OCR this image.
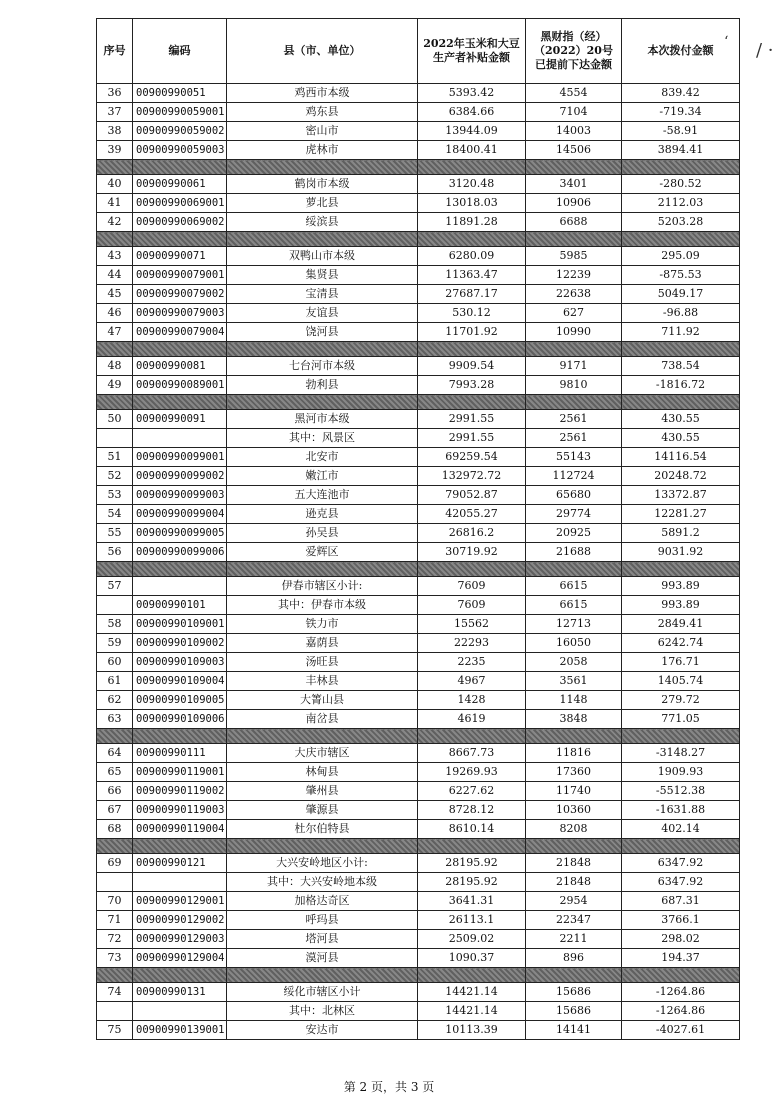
‘ / ·
序号	编码	县（市、单位）	2022年玉米和大豆生产者补贴金额	黑财指（经）（2022）20号已提前下达金额	本次拨付金额
36	00900990051	鸡西市本级	5393.42	4554	839.42
37	00900990059001	鸡东县	6384.66	7104	-719.34
38	00900990059002	密山市	13944.09	14003	-58.91
39	00900990059003	虎林市	18400.41	14506	3894.41

40	00900990061	鹤岗市本级	3120.48	3401	-280.52
41	00900990069001	萝北县	13018.03	10906	2112.03
42	00900990069002	绥滨县	11891.28	6688	5203.28

43	00900990071	双鸭山市本级	6280.09	5985	295.09
44	00900990079001	集贤县	11363.47	12239	-875.53
45	00900990079002	宝清县	27687.17	22638	5049.17
46	00900990079003	友谊县	530.12	627	-96.88
47	00900990079004	饶河县	11701.92	10990	711.92

48	00900990081	七台河市本级	9909.54	9171	738.54
49	00900990089001	勃利县	7993.28	9810	-1816.72

50	00900990091	黑河市本级	2991.55	2561	430.55
		其中：风景区	2991.55	2561	430.55
51	00900990099001	北安市	69259.54	55143	14116.54
52	00900990099002	嫩江市	132972.72	112724	20248.72
53	00900990099003	五大连池市	79052.87	65680	13372.87
54	00900990099004	逊克县	42055.27	29774	12281.27
55	00900990099005	孙吴县	26816.2	20925	5891.2
56	00900990099006	爱辉区	30719.92	21688	9031.92

57		伊春市辖区小计:	7609	6615	993.89
	00900990101	其中：伊春市本级	7609	6615	993.89
58	00900990109001	铁力市	15562	12713	2849.41
59	00900990109002	嘉荫县	22293	16050	6242.74
60	00900990109003	汤旺县	2235	2058	176.71
61	00900990109004	丰林县	4967	3561	1405.74
62	00900990109005	大箐山县	1428	1148	279.72
63	00900990109006	南岔县	4619	3848	771.05

64	00900990111	大庆市辖区	8667.73	11816	-3148.27
65	00900990119001	林甸县	19269.93	17360	1909.93
66	00900990119002	肇州县	6227.62	11740	-5512.38
67	00900990119003	肇源县	8728.12	10360	-1631.88
68	00900990119004	杜尔伯特县	8610.14	8208	402.14

69	00900990121	大兴安岭地区小计:	28195.92	21848	6347.92
		其中：大兴安岭地本级	28195.92	21848	6347.92
70	00900990129001	加格达奇区	3641.31	2954	687.31
71	00900990129002	呼玛县	26113.1	22347	3766.1
72	00900990129003	塔河县	2509.02	2211	298.02
73	00900990129004	漠河县	1090.37	896	194.37

74	00900990131	绥化市辖区小计	14421.14	15686	-1264.86
		其中：北林区	14421.14	15686	-1264.86
75	00900990139001	安达市	10113.39	14141	-4027.61
第 2 页，共 3 页
